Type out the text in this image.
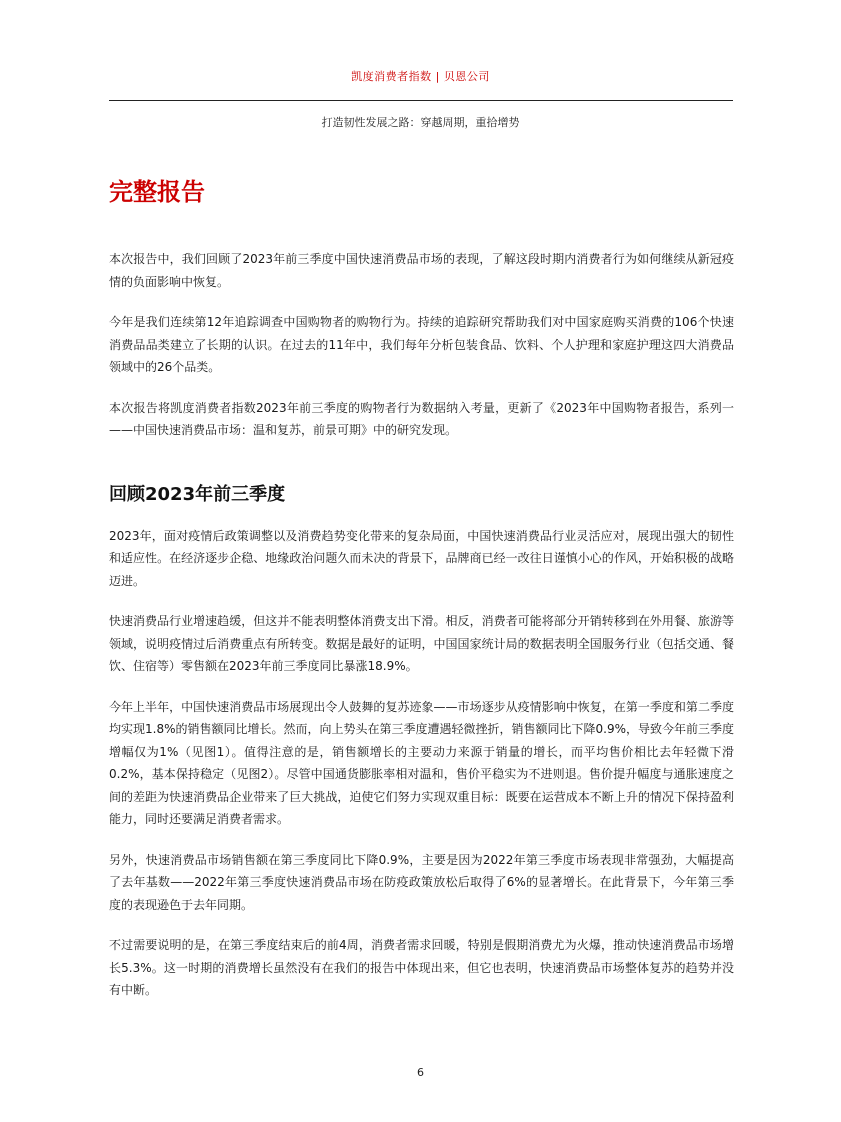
凯度消费者指数 | 贝恩公司
打造韧性发展之路：穿越周期，重拾增势
完整报告

本次报告中，我们回顾了2023年前三季度中国快速消费品市场的表现，了解这段时期内消费者行为如何继续从新冠疫情的负面影响中恢复。

今年是我们连续第12年追踪调查中国购物者的购物行为。持续的追踪研究帮助我们对中国家庭购买消费的106个快速消费品品类建立了长期的认识。在过去的11年中，我们每年分析包装食品、饮料、个人护理和家庭护理这四大消费品领域中的26个品类。

本次报告将凯度消费者指数2023年前三季度的购物者行为数据纳入考量，更新了《2023年中国购物者报告，系列一——中国快速消费品市场：温和复苏，前景可期》中的研究发现。

回顾2023年前三季度

2023年，面对疫情后政策调整以及消费趋势变化带来的复杂局面，中国快速消费品行业灵活应对，展现出强大的韧性和适应性。在经济逐步企稳、地缘政治问题久而未决的背景下，品牌商已经一改往日谨慎小心的作风，开始积极的战略迈进。

快速消费品行业增速趋缓，但这并不能表明整体消费支出下滑。相反，消费者可能将部分开销转移到在外用餐、旅游等领域，说明疫情过后消费重点有所转变。数据是最好的证明，中国国家统计局的数据表明全国服务行业（包括交通、餐饮、住宿等）零售额在2023年前三季度同比暴涨18.9%。

今年上半年，中国快速消费品市场展现出令人鼓舞的复苏迹象——市场逐步从疫情影响中恢复，在第一季度和第二季度均实现1.8%的销售额同比增长。然而，向上势头在第三季度遭遇轻微挫折，销售额同比下降0.9%，导致今年前三季度增幅仅为1%（见图1）。值得注意的是，销售额增长的主要动力来源于销量的增长，而平均售价相比去年轻微下滑0.2%，基本保持稳定（见图2）。尽管中国通货膨胀率相对温和，售价平稳实为不进则退。售价提升幅度与通胀速度之间的差距为快速消费品企业带来了巨大挑战，迫使它们努力实现双重目标：既要在运营成本不断上升的情况下保持盈利能力，同时还要满足消费者需求。

另外，快速消费品市场销售额在第三季度同比下降0.9%，主要是因为2022年第三季度市场表现非常强劲，大幅提高了去年基数——2022年第三季度快速消费品市场在防疫政策放松后取得了6%的显著增长。在此背景下，今年第三季度的表现逊色于去年同期。

不过需要说明的是，在第三季度结束后的前4周，消费者需求回暖，特别是假期消费尤为火爆，推动快速消费品市场增长5.3%。这一时期的消费增长虽然没有在我们的报告中体现出来，但它也表明，快速消费品市场整体复苏的趋势并没有中断。

6
